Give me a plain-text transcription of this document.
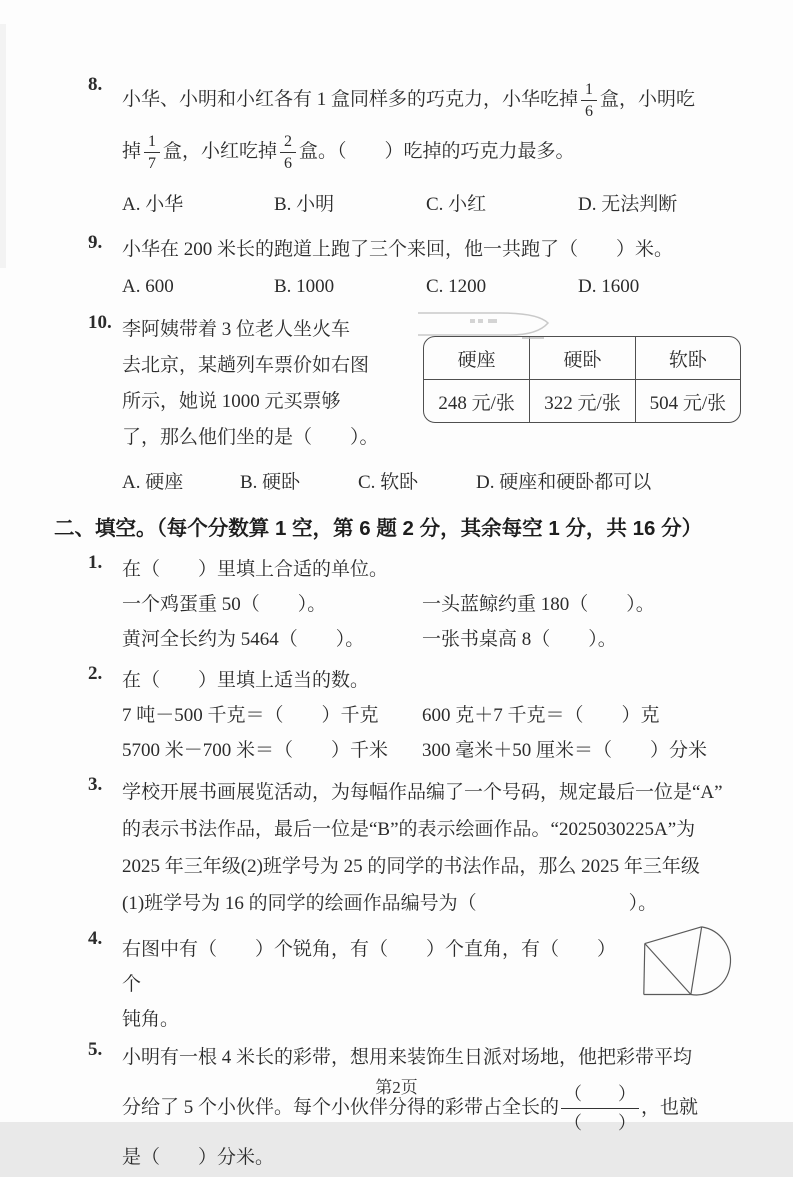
8.
小华、小明和小红各有 1 盒同样多的巧克力，小华吃掉 $\frac{1}{6}$ 盒，小明吃
掉 $\frac{1}{7}$ 盒，小红吃掉 $\frac{2}{6}$ 盒。（　　）吃掉的巧克力最多。
A. 小华	B. 小明	C. 小红	D. 无法判断
9.	小华在 200 米长的跑道上跑了三个来回，他一共跑了（　　）米。
A. 600	B. 1000	C. 1200	D. 1600
10. 李阿姨带着 3 位老人坐火车
去北京，某趟列车票价如右图
所示，她说 1000 元买票够
了，那么他们坐的是（　　）。
硬座	硬卧	软卧
248 元/张	322 元/张	504 元/张
A. 硬座	B. 硬卧	C. 软卧	D. 硬座和硬卧都可以
二、填空。（每个分数算 1 空，第 6 题 2 分，其余每空 1 分，共 16 分）
1.	在（　　）里填上合适的单位。
一个鸡蛋重 50（　　）。	一头蓝鲸约重 180（　　）。
黄河全长约为 5464（　　）。	一张书桌高 8（　　）。
2.	在（　　）里填上适当的数。
7 吨－500 千克＝（　　）千克	600 克＋7 千克＝（　　）克
5700 米－700 米＝（　　）千米	300 毫米＋50 厘米＝（　　）分米
3.	学校开展书画展览活动，为每幅作品编了一个号码，规定最后一位是“A”
的表示书法作品，最后一位是“B”的表示绘画作品。“2025030225A”为
2025 年三年级(2)班学号为 25 的同学的书法作品，那么 2025 年三年级
(1)班学号为 16 的同学的绘画作品编号为（　　　　　　　　）。
4.
右图中有（　　）个锐角，有（　　）个直角，有（　　）个
钝角。
5.	小明有一根 4 米长的彩带，想用来装饰生日派对场地，他把彩带平均
分给了 5 个小伙伴。每个小伙伴分得的彩带占全长的
（　　）
（　　）
，也就
是（　　）分米。
第2页
